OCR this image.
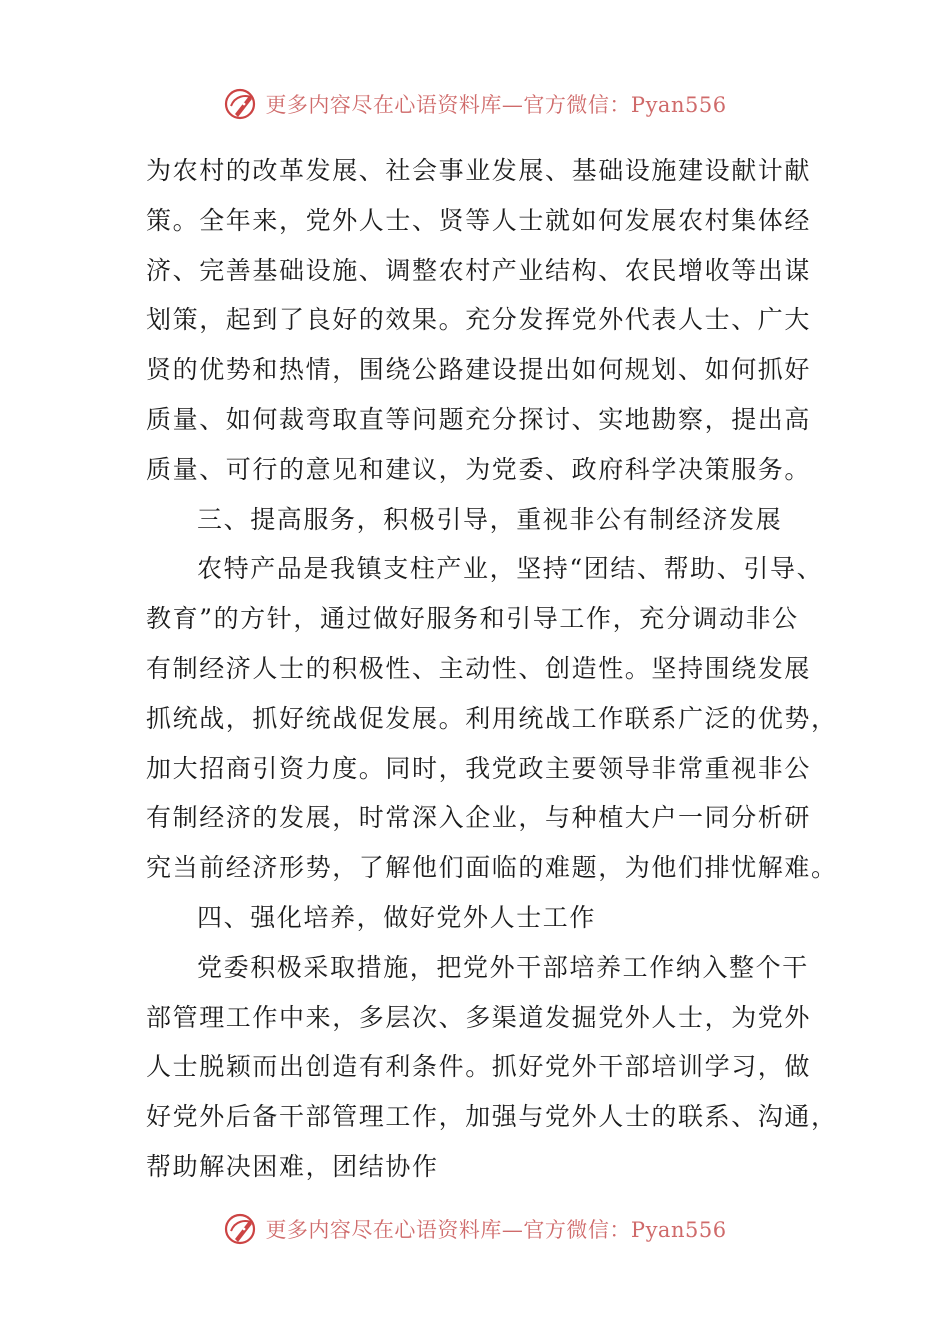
更多内容尽在心语资料库—官方微信：Pyan556
为农村的改革发展、社会事业发展、基础设施建设献计献
策。全年来，党外人士、贤等人士就如何发展农村集体经
济、完善基础设施、调整农村产业结构、农民增收等出谋
划策，起到了良好的效果。充分发挥党外代表人士、广大
贤的优势和热情，围绕公路建设提出如何规划、如何抓好
质量、如何裁弯取直等问题充分探讨、实地勘察，提出高
质量、可行的意见和建议，为党委、政府科学决策服务。
三、提高服务，积极引导，重视非公有制经济发展
农特产品是我镇支柱产业，坚持“团结、帮助、引导、
教育”的方针，通过做好服务和引导工作，充分调动非公
有制经济人士的积极性、主动性、创造性。坚持围绕发展
抓统战，抓好统战促发展。利用统战工作联系广泛的优势，
加大招商引资力度。同时，我党政主要领导非常重视非公
有制经济的发展，时常深入企业，与种植大户一同分析研
究当前经济形势，了解他们面临的难题，为他们排忧解难。
四、强化培养，做好党外人士工作
党委积极采取措施，把党外干部培养工作纳入整个干
部管理工作中来，多层次、多渠道发掘党外人士，为党外
人士脱颖而出创造有利条件。抓好党外干部培训学习，做
好党外后备干部管理工作，加强与党外人士的联系、沟通，
帮助解决困难，团结协作
更多内容尽在心语资料库—官方微信：Pyan556
